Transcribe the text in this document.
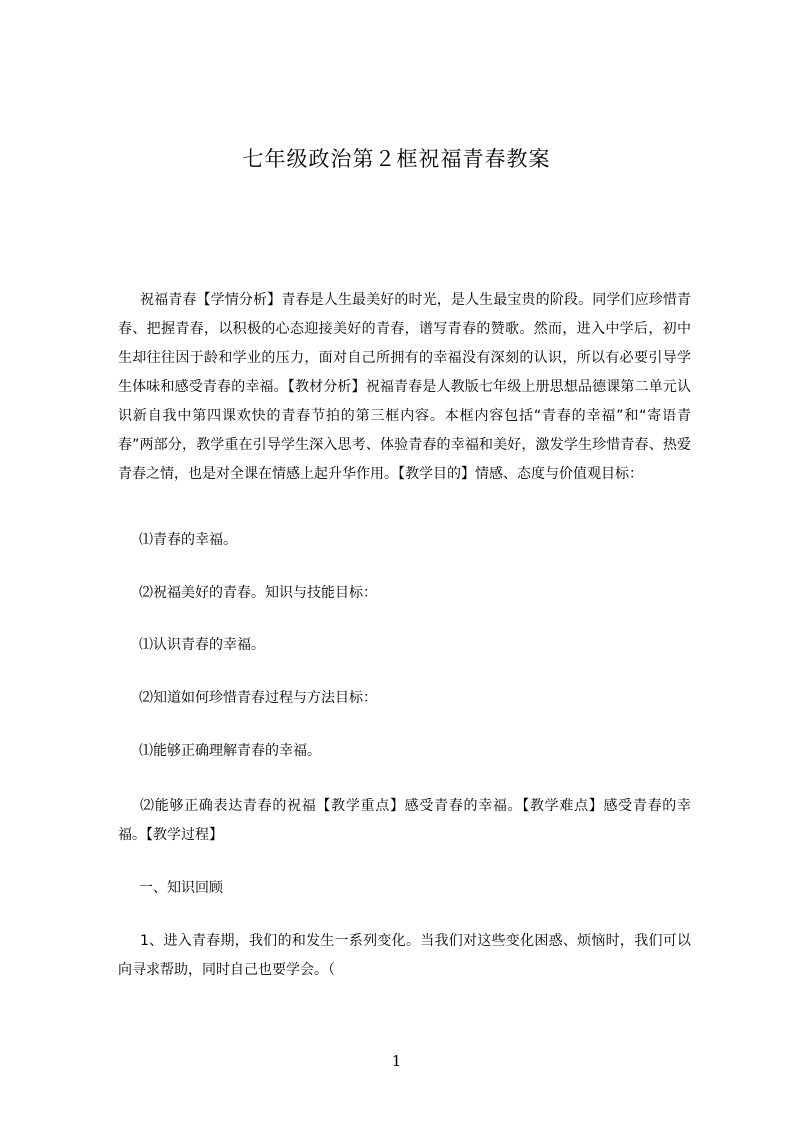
七年级政治第２框祝福青春教案
祝福青春【学情分析】青春是人生最美好的时光，是人生最宝贵的阶段。同学们应珍惜青春、把握青春，以积极的心态迎接美好的青春，谱写青春的赞歌。然而，进入中学后，初中生却往往因于龄和学业的压力，面对自己所拥有的幸福没有深刻的认识，所以有必要引导学生体味和感受青春的幸福。【教材分析】祝福青春是人教版七年级上册思想品德课第二单元认识新自我中第四课欢快的青春节拍的第三框内容。本框内容包括“青春的幸福”和“寄语青春”两部分，教学重在引导学生深入思考、体验青春的幸福和美好，激发学生珍惜青春、热爱青春之情，也是对全课在情感上起升华作用。【教学目的】情感、态度与价值观目标：
⑴青春的幸福。
⑵祝福美好的青春。知识与技能目标：
⑴认识青春的幸福。
⑵知道如何珍惜青春过程与方法目标：
⑴能够正确理解青春的幸福。
⑵能够正确表达青春的祝福【教学重点】感受青春的幸福。【教学难点】感受青春的幸福。【教学过程】
一、知识回顾
1、进入青春期，我们的和发生一系列变化。当我们对这些变化困惑、烦恼时，我们可以向寻求帮助，同时自己也要学会。（
1
